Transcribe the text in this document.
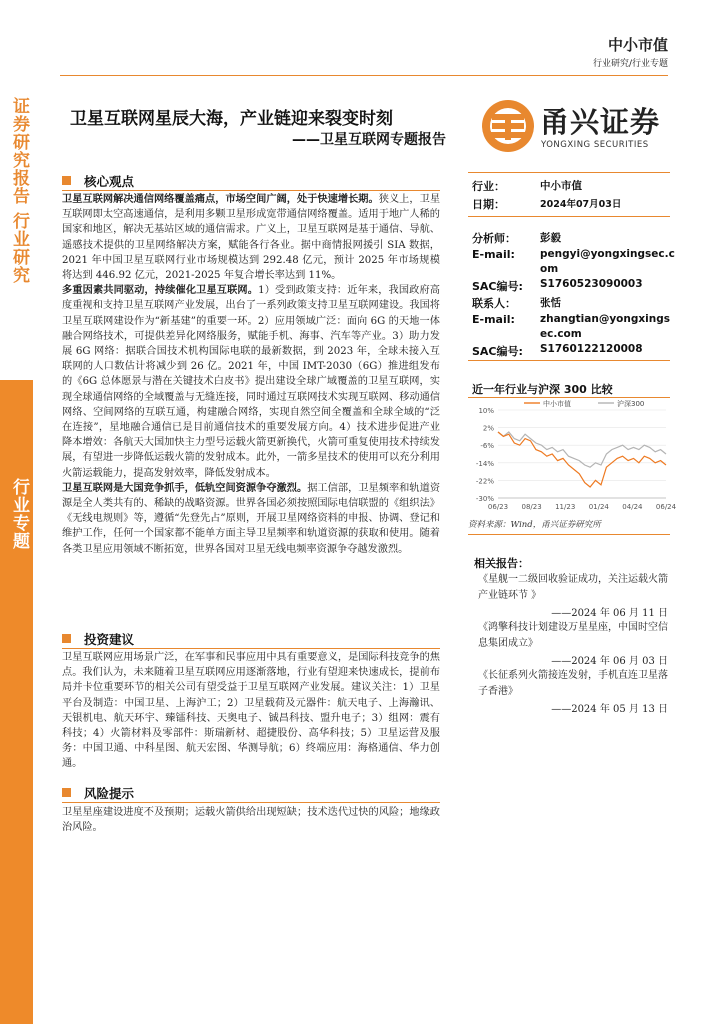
中小市值
行业研究/行业专题
证券研究报告 行业研究
行业专题
卫星互联网星辰大海，产业链迎来裂变时刻
——卫星互联网专题报告
甬兴证券
YONGXING SECURITIES
核心观点

卫星互联网解决通信网络覆盖痛点，市场空间广阔，处于快速增长期。狭义上，卫星互联网即太空高速通信，是利用多颗卫星形成宽带通信网络覆盖。适用于地广人稀的国家和地区，解决无基站区域的通信需求。广义上，卫星互联网是基于通信、导航、遥感技术提供的卫星网络解决方案，赋能各行各业。据中商情报网援引 SIA 数据，2021 年中国卫星互联网行业市场规模达到 292.48 亿元，预计 2025 年市场规模将达到 446.92 亿元，2021-2025 年复合增长率达到 11%。

多重因素共同驱动，持续催化卫星互联网。1）受到政策支持：近年来，我国政府高度重视和支持卫星互联网产业发展，出台了一系列政策支持卫星互联网建设。我国将卫星互联网建设作为“新基建”的重要一环。2）应用领域广泛：面向 6G 的天地一体融合网络技术，可提供差异化网络服务，赋能手机、海事、汽车等产业。3）助力发展 6G 网络：据联合国技术机构国际电联的最新数据，到 2023 年，全球未接入互联网的人口数估计将减少到 26 亿。2021 年，中国 IMT-2030（6G）推进组发布的《6G 总体愿景与潜在关键技术白皮书》提出建设全球广域覆盖的卫星互联网，实现全球通信网络的全域覆盖与无缝连接，同时通过互联网技术实现互联网、移动通信网络、空间网络的互联互通，构建融合网络，实现自然空间全覆盖和全球全域的“泛在连接”，星地融合通信已是目前通信技术的重要发展方向。4）技术进步促进产业降本增效：各航天大国加快主力型号运载火箭更新换代，火箭可重复使用技术持续发展，有望进一步降低运载火箭的发射成本。此外，一箭多星技术的使用可以充分利用火箭运载能力，提高发射效率，降低发射成本。

卫星互联网是大国竞争抓手，低轨空间资源争夺激烈。据工信部，卫星频率和轨道资源是全人类共有的、稀缺的战略资源。世界各国必须按照国际电信联盟的《组织法》《无线电规则》等，遵循“先登先占”原则，开展卫星网络资料的申报、协调、登记和维护工作，任何一个国家都不能单方面主导卫星频率和轨道资源的获取和使用。随着各类卫星应用领域不断拓宽，世界各国对卫星无线电频率资源争夺越发激烈。

投资建议

卫星互联网应用场景广泛，在军事和民事应用中具有重要意义，是国际科技竞争的焦点。我们认为，未来随着卫星互联网应用逐渐落地，行业有望迎来快速成长，提前布局并卡位重要环节的相关公司有望受益于卫星互联网产业发展。建议关注：1）卫星平台及制造：中国卫星、上海沪工；2）卫星载荷及元器件：航天电子、上海瀚讯、天银机电、航天环宇、臻镭科技、天奥电子、铖昌科技、盟升电子；3）组网：震有科技；4）火箭材料及零部件：斯瑞新材、超捷股份、高华科技；5）卫星运营及服务：中国卫通、中科星图、航天宏图、华测导航；6）终端应用：海格通信、华力创通。

风险提示

卫星星座建设进度不及预期；运载火箭供给出现短缺；技术迭代过快的风险；地缘政治风险。

行业：	中小市值
日期：	2024年07月03日
分析师： 彭毅
E-mail: pengyi@yongxingsec.c
om
SAC编号: S1760523090003
联系人： 张恬
E-mail: zhangtian@yongxings
ec.com
SAC编号: S1760122120008
近一年行业与沪深 300 比较
10%
2%
-6%
-14%
-22%
-30%
06/23 08/23 11/23 01/24 04/24 06/24
中小市值	沪深300
资料来源：Wind，甬兴证券研究所
相关报告：
《星舰一二级回收验证成功，关注运载火箭产业链环节 》
——2024 年 06 月 11 日
《鸿擎科技计划建设万星星座，中国时空信息集团成立》
——2024 年 06 月 03 日
《长征系列火箭接连发射，手机直连卫星落子香港》
——2024 年 05 月 13 日
